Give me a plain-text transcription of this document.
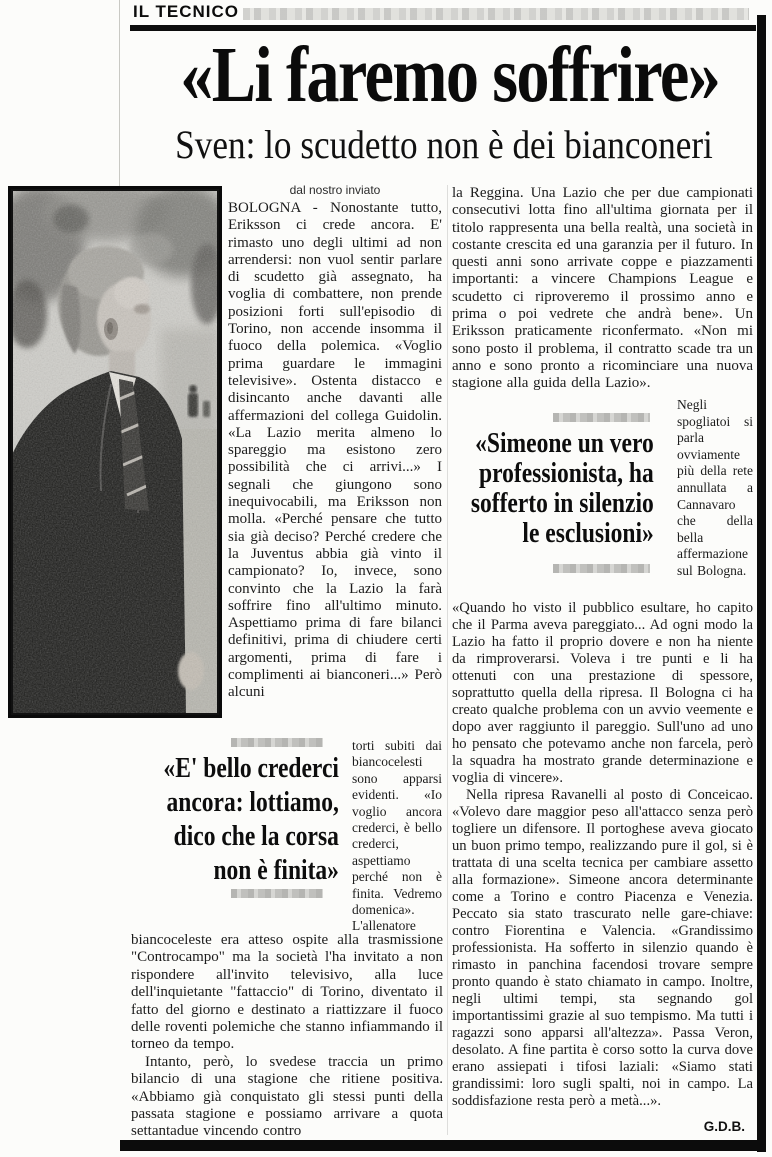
IL TECNICO
«Li faremo soffrire»
Sven: lo scudetto non è dei bianconeri
dal nostro inviato
BOLOGNA - Nonostante tutto, Eriksson ci crede ancora. E' rimasto uno degli ultimi ad non arrendersi: non vuol sentir parlare di scudetto già assegnato, ha voglia di combattere, non prende posizioni forti sull'episodio di Torino, non accende insomma il fuoco della polemica. «Voglio prima guardare le immagini televisive». Ostenta distacco e disincanto anche davanti alle affermazioni del collega Guidolin. «La Lazio merita almeno lo spareggio ma esistono zero possibilità che ci arrivi...» I segnali che giungono sono inequivocabili, ma Eriksson non molla. «Perché pensare che tutto sia già deciso? Perché credere che la Juventus abbia già vinto il campionato? Io, invece, sono convinto che la Lazio la farà soffrire fino all'ultimo minuto. Aspettiamo prima di fare bilanci definitivi, prima di chiudere certi argomenti, prima di fare i complimenti ai bianconeri...» Però alcuni
«E' bello crederci
ancora: lottiamo,
dico che la corsa
non è finita»
torti subiti dai biancocelesti sono apparsi evidenti. «Io voglio ancora crederci, è bello crederci, aspettiamo perché non è finita. Vedremo domenica». L'allenatore

biancoceleste era atteso ospite alla trasmissione "Controcampo" ma la società l'ha invitato a non rispondere all'invito televisivo, alla luce dell'inquietante "fattaccio" di Torino, diventato il fatto del giorno e destinato a riattizzare il fuoco delle roventi polemiche che stanno infiammando il torneo da tempo.

Intanto, però, lo svedese traccia un primo bilancio di una stagione che ritiene positiva. «Abbiamo già conquistato gli stessi punti della passata stagione e possiamo arrivare a quota settantadue vincendo contro

la Reggina. Una Lazio che per due campionati consecutivi lotta fino all'ultima giornata per il titolo rappresenta una bella realtà, una società in costante crescita ed una garanzia per il futuro. In questi anni sono arrivate coppe e piazzamenti importanti: a vincere Champions League e scudetto ci riproveremo il prossimo anno e prima o poi vedrete che andrà bene». Un Eriksson praticamente riconfermato. «Non mi sono posto il problema, il contratto scade tra un anno e sono pronto a ricominciare una nuova stagione alla guida della Lazio».
«Simeone un vero
professionista, ha
sofferto in silenzio
le esclusioni»
Negli spogliatoi si parla ovviamente più della rete annullata a Cannavaro che della bella affermazione sul Bologna.

«Quando ho visto il pubblico esultare, ho capito che il Parma aveva pareggiato... Ad ogni modo la Lazio ha fatto il proprio dovere e non ha niente da rimproverarsi. Voleva i tre punti e li ha ottenuti con una prestazione di spessore, soprattutto quella della ripresa. Il Bologna ci ha creato qualche problema con un avvio veemente e dopo aver raggiunto il pareggio. Sull'uno ad uno ho pensato che potevamo anche non farcela, però la squadra ha mostrato grande determinazione e voglia di vincere».

Nella ripresa Ravanelli al posto di Conceicao. «Volevo dare maggior peso all'attacco senza però togliere un difensore. Il portoghese aveva giocato un buon primo tempo, realizzando pure il gol, si è trattata di una scelta tecnica per cambiare assetto alla formazione». Simeone ancora determinante come a Torino e contro Piacenza e Venezia. Peccato sia stato trascurato nelle gare-chiave: contro Fiorentina e Valencia. «Grandissimo professionista. Ha sofferto in silenzio quando è rimasto in panchina facendosi trovare sempre pronto quando è stato chiamato in campo. Inoltre, negli ultimi tempi, sta segnando gol importantissimi grazie al suo tempismo. Ma tutti i ragazzi sono apparsi all'altezza». Passa Veron, desolato. A fine partita è corso sotto la curva dove erano assiepati i tifosi laziali: «Siamo stati grandissimi: loro sugli spalti, noi in campo. La soddisfazione resta però a metà...».

G.D.B.
